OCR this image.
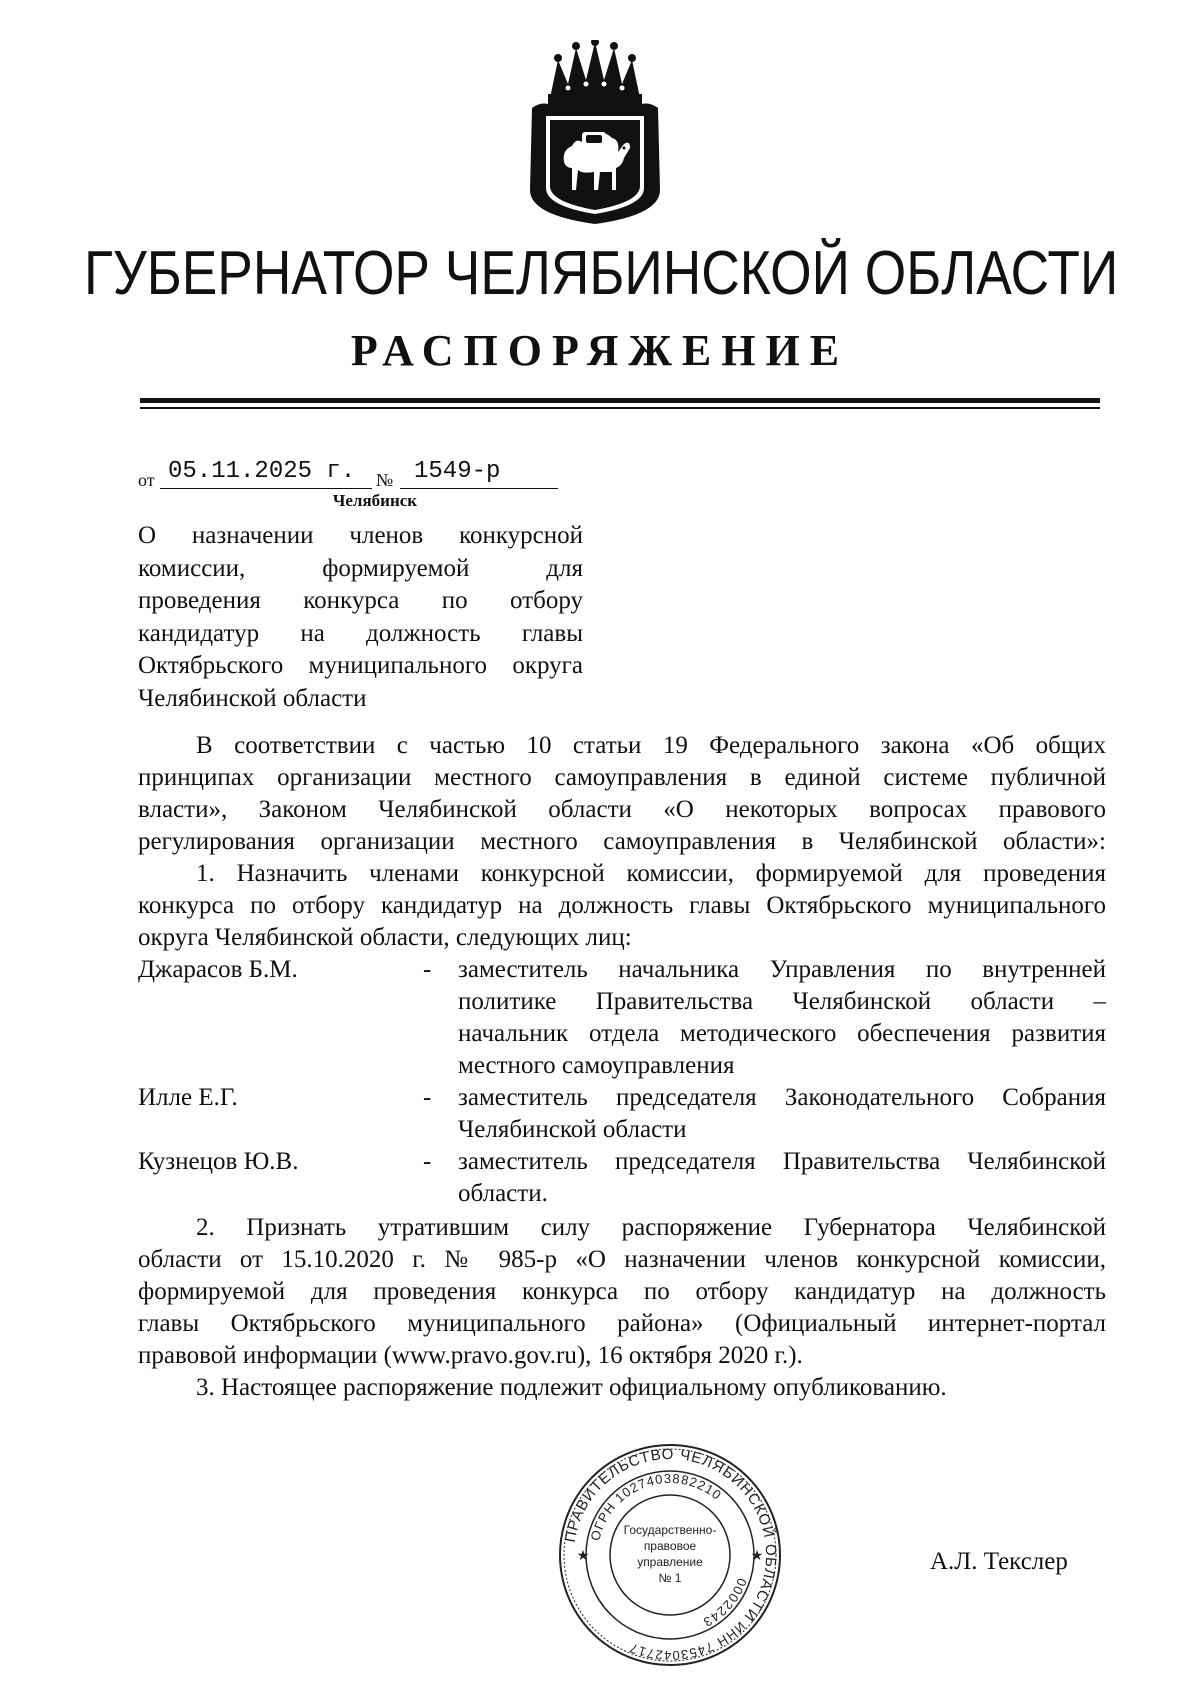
ГУБЕРНАТОР ЧЕЛЯБИНСКОЙ ОБЛАСТИ
РАСПОРЯЖЕНИЕ
от 05.11.2025 г. № 1549-р
Челябинск
О назначении членов конкурсной
комиссии, формируемой для
проведения конкурса по отбору
кандидатур на должность главы
Октябрьского муниципального округа
Челябинской области
В соответствии с частью 10 статьи 19 Федерального закона «Об общих
принципах организации местного самоуправления в единой системе публичной
власти», Законом Челябинской области «О некоторых вопросах правового
регулирования организации местного самоуправления в Челябинской области»:
1. Назначить членами конкурсной комиссии, формируемой для проведения
конкурса по отбору кандидатур на должность главы Октябрьского муниципального
округа Челябинской области, следующих лиц:
Джарасов Б.М.	- заместитель начальника Управления по внутренней
политике Правительства Челябинской области –
начальник отдела методического обеспечения развития
местного самоуправления
Илле Е.Г.	- заместитель председателя Законодательного Собрания
Челябинской области
Кузнецов Ю.В.	- заместитель председателя Правительства Челябинской
области.
2. Признать утратившим силу распоряжение Губернатора Челябинской
области от 15.10.2020 г. № 985-р «О назначении членов конкурсной комиссии,
формируемой для проведения конкурса по отбору кандидатур на должность
главы Октябрьского муниципального района» (Официальный интернет-портал
правовой информации (www.pravo.gov.ru), 16 октября 2020 г.).
3. Настоящее распоряжение подлежит официальному опубликованию.
ПРАВИТЕЛЬСТВО ЧЕЛЯБИНСКОЙ ОБЛАСТИ
ОГРН 1027403882210
0002243	ИНН 7453042717
Государственно-
правовое
управление
№ 1
★	★	А.Л. Текслер
